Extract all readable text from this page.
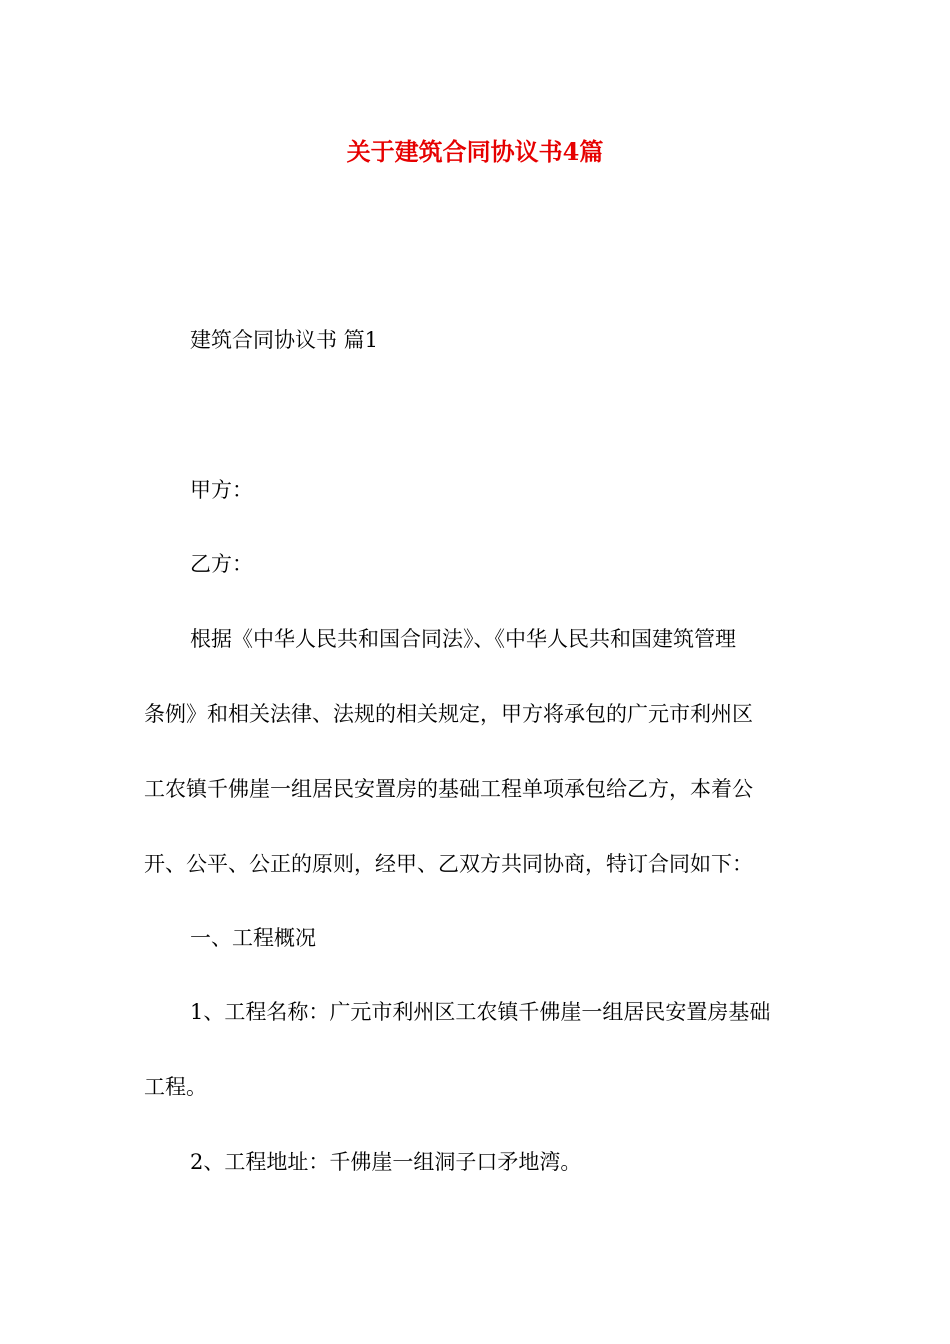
关于建筑合同协议书4篇

建筑合同协议书 篇1

甲方：

乙方：

根据《中华人民共和国合同法》、《中华人民共和国建筑管理
条例》和相关法律、法规的相关规定，甲方将承包的广元市利州区
工农镇千佛崖一组居民安置房的基础工程单项承包给乙方，本着公
开、公平、公正的原则，经甲、乙双方共同协商，特订合同如下：

一、工程概况

1、工程名称：广元市利州区工农镇千佛崖一组居民安置房基础
工程。

2、工程地址：千佛崖一组洞子口矛地湾。
